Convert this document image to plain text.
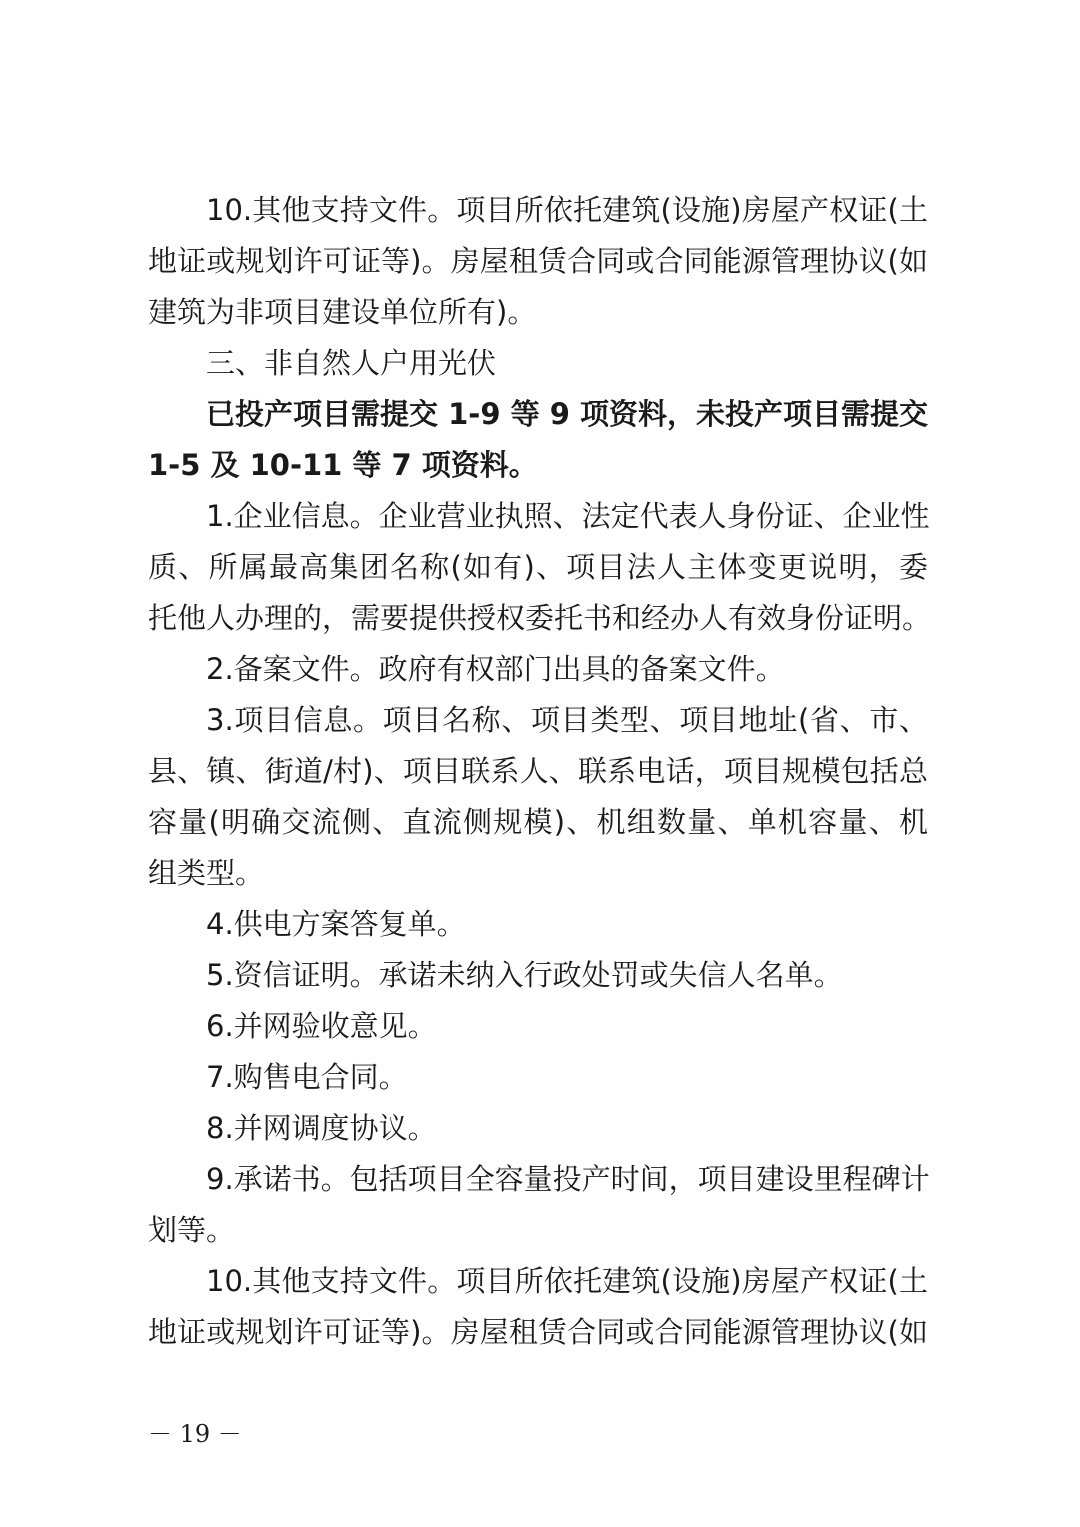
10.其他支持文件。项目所依托建筑(设施)房屋产权证(土
地证或规划许可证等)。房屋租赁合同或合同能源管理协议(如
建筑为非项目建设单位所有)。
三、非自然人户用光伏
已投产项目需提交 1-9 等 9 项资料，未投产项目需提交
1-5 及 10-11 等 7 项资料。
1.企业信息。企业营业执照、法定代表人身份证、企业性
质、所属最高集团名称(如有)、项目法人主体变更说明，委
托他人办理的，需要提供授权委托书和经办人有效身份证明。
2.备案文件。政府有权部门出具的备案文件。
3.项目信息。项目名称、项目类型、项目地址(省、市、
县、镇、街道/村)、项目联系人、联系电话，项目规模包括总
容量(明确交流侧、直流侧规模)、机组数量、单机容量、机
组类型。
4.供电方案答复单。
5.资信证明。承诺未纳入行政处罚或失信人名单。
6.并网验收意见。
7.购售电合同。
8.并网调度协议。
9.承诺书。包括项目全容量投产时间，项目建设里程碑计
划等。
10.其他支持文件。项目所依托建筑(设施)房屋产权证(土
地证或规划许可证等)。房屋租赁合同或合同能源管理协议(如
－ 19 －
